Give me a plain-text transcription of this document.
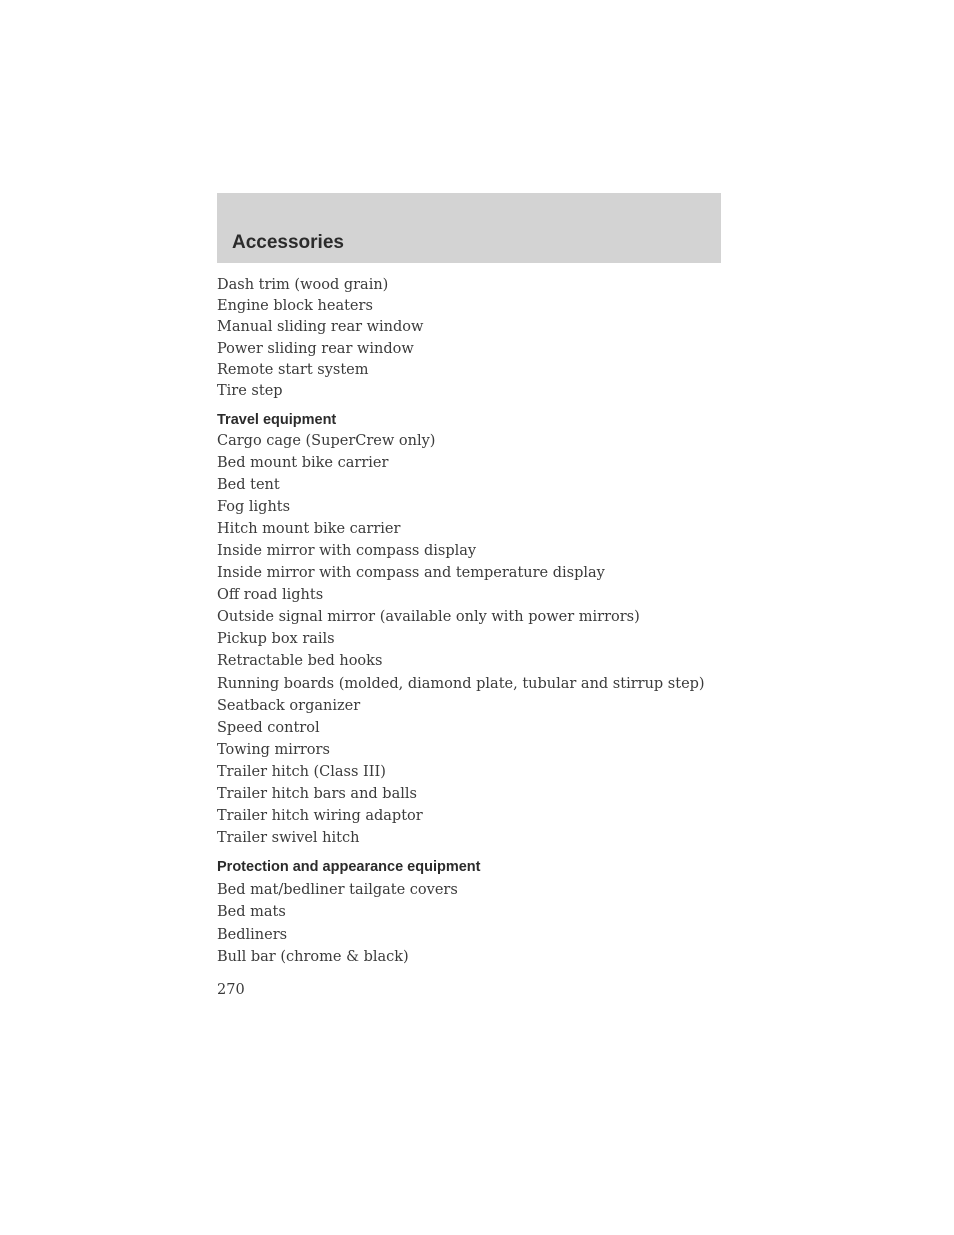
Accessories
Dash trim (wood grain)
Engine block heaters
Manual sliding rear window
Power sliding rear window
Remote start system
Tire step
Travel equipment
Cargo cage (SuperCrew only)
Bed mount bike carrier
Bed tent
Fog lights
Hitch mount bike carrier
Inside mirror with compass display
Inside mirror with compass and temperature display
Off road lights
Outside signal mirror (available only with power mirrors)
Pickup box rails
Retractable bed hooks
Running boards (molded, diamond plate, tubular and stirrup step)
Seatback organizer
Speed control
Towing mirrors
Trailer hitch (Class III)
Trailer hitch bars and balls
Trailer hitch wiring adaptor
Trailer swivel hitch
Protection and appearance equipment
Bed mat/bedliner tailgate covers
Bed mats
Bedliners
Bull bar (chrome & black)
270
